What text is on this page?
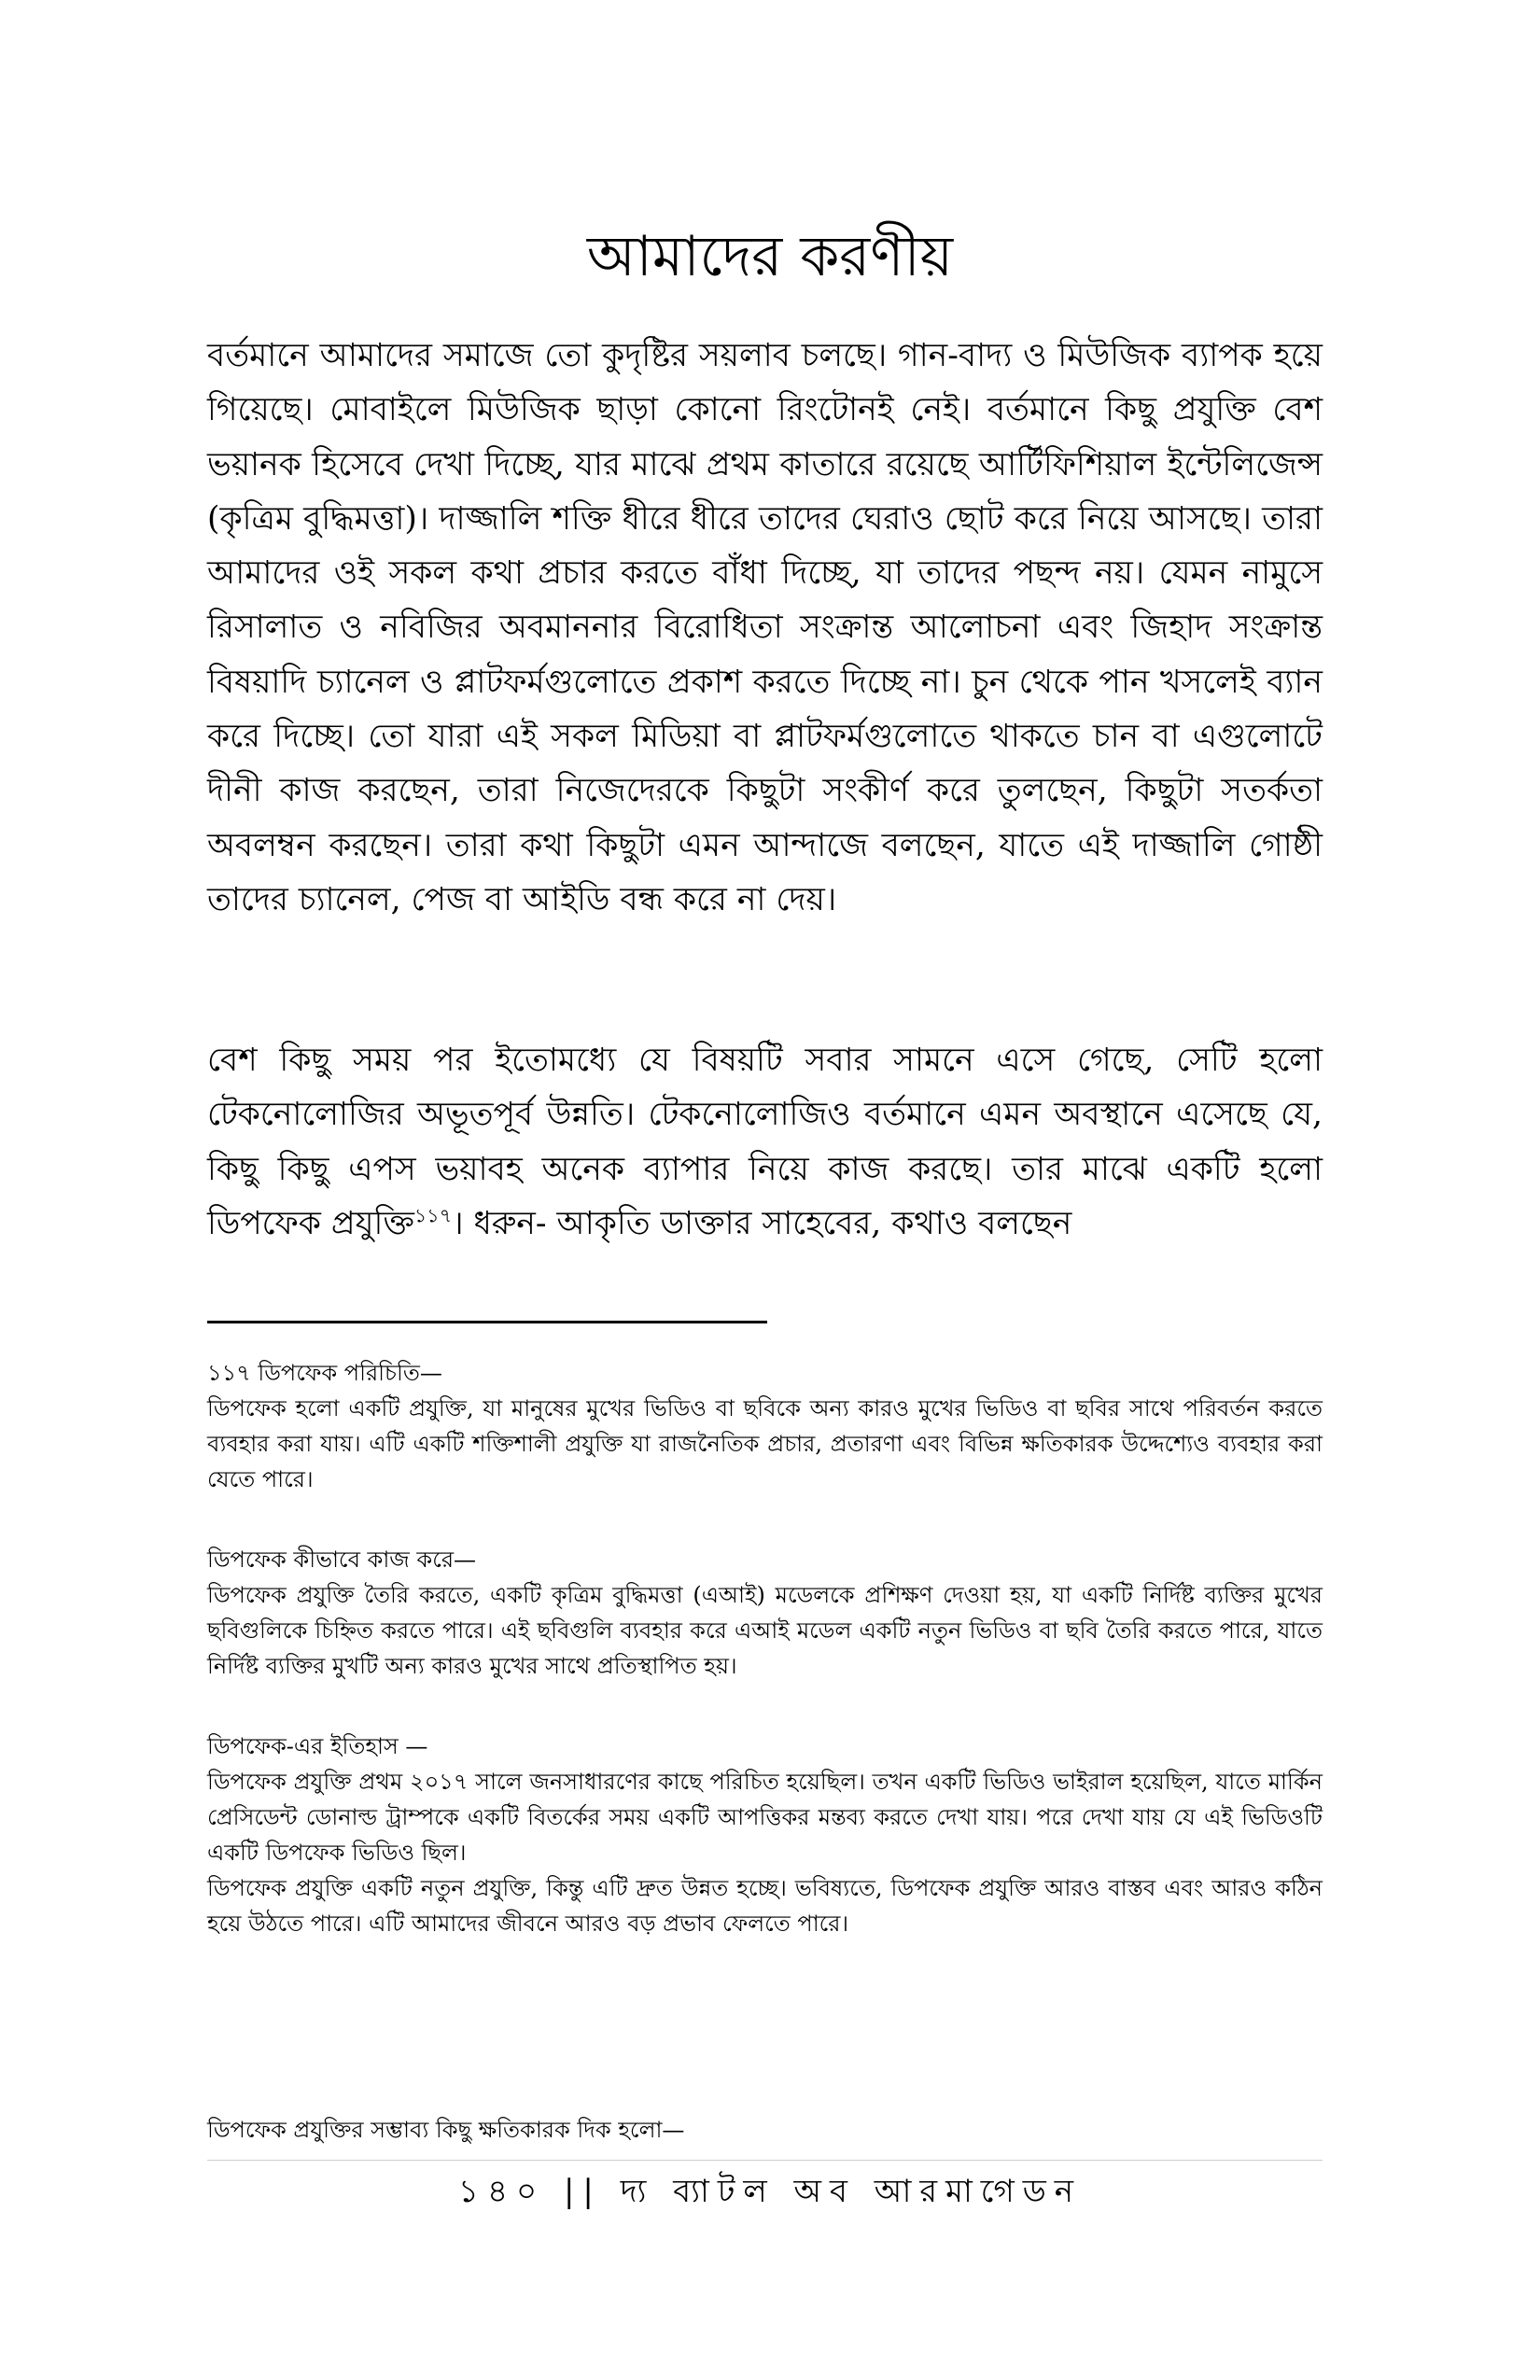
আমাদের করণীয়

বর্তমানে আমাদের সমাজে তো কুদৃষ্টির সয়লাব চলছে। গান-বাদ্য ও মিউজিক ব্যাপক হয়ে গিয়েছে। মোবাইলে মিউজিক ছাড়া কোনো রিংটোনই নেই। বর্তমানে কিছু প্রযুক্তি বেশ ভয়ানক হিসেবে দেখা দিচ্ছে, যার মাঝে প্রথম কাতারে রয়েছে আর্টিফিশিয়াল ইন্টেলিজেন্স (কৃত্রিম বুদ্ধিমত্তা)। দাজ্জালি শক্তি ধীরে ধীরে তাদের ঘেরাও ছোট করে নিয়ে আসছে। তারা আমাদের ওই সকল কথা প্রচার করতে বাঁধা দিচ্ছে, যা তাদের পছন্দ নয়। যেমন নামুসে রিসালাত ও নবিজির অবমাননার বিরোধিতা সংক্রান্ত আলোচনা এবং জিহাদ সংক্রান্ত বিষয়াদি চ্যানেল ও প্লাটফর্মগুলোতে প্রকাশ করতে দিচ্ছে না। চুন থেকে পান খসলেই ব্যান করে দিচ্ছে। তো যারা এই সকল মিডিয়া বা প্লাটফর্মগুলোতে থাকতে চান বা এগুলোটে দীনী কাজ করছেন, তারা নিজেদেরকে কিছুটা সংকীর্ণ করে তুলছেন, কিছুটা সতর্কতা অবলম্বন করছেন। তারা কথা কিছুটা এমন আন্দাজে বলছেন, যাতে এই দাজ্জালি গোষ্ঠী তাদের চ্যানেল, পেজ বা আইডি বন্ধ করে না দেয়।

বেশ কিছু সময় পর ইতোমধ্যে যে বিষয়টি সবার সামনে এসে গেছে, সেটি হলো টেকনোলোজির অভূতপূর্ব উন্নতি। টেকনোলোজিও বর্তমানে এমন অবস্থানে এসেছে যে, কিছু কিছু এপস ভয়াবহ অনেক ব্যাপার নিয়ে কাজ করছে। তার মাঝে একটি হলো ডিপফেক প্রযুক্তি$^{১১৭}$। ধরুন- আকৃতি ডাক্তার সাহেবের, কথাও বলছেন

১১৭ ডিপফেক পরিচিতি—

ডিপফেক হলো একটি প্রযুক্তি, যা মানুষের মুখের ভিডিও বা ছবিকে অন্য কারও মুখের ভিডিও বা ছবির সাথে পরিবর্তন করতে ব্যবহার করা যায়। এটি একটি শক্তিশালী প্রযুক্তি যা রাজনৈতিক প্রচার, প্রতারণা এবং বিভিন্ন ক্ষতিকারক উদ্দেশ্যেও ব্যবহার করা যেতে পারে।

ডিপফেক কীভাবে কাজ করে—

ডিপফেক প্রযুক্তি তৈরি করতে, একটি কৃত্রিম বুদ্ধিমত্তা (এআই) মডেলকে প্রশিক্ষণ দেওয়া হয়, যা একটি নির্দিষ্ট ব্যক্তির মুখের ছবিগুলিকে চিহ্নিত করতে পারে। এই ছবিগুলি ব্যবহার করে এআই মডেল একটি নতুন ভিডিও বা ছবি তৈরি করতে পারে, যাতে নির্দিষ্ট ব্যক্তির মুখটি অন্য কারও মুখের সাথে প্রতিস্থাপিত হয়।

ডিপফেক-এর ইতিহাস —

ডিপফেক প্রযুক্তি প্রথম ২০১৭ সালে জনসাধারণের কাছে পরিচিত হয়েছিল। তখন একটি ভিডিও ভাইরাল হয়েছিল, যাতে মার্কিন প্রেসিডেন্ট ডোনাল্ড ট্রাম্পকে একটি বিতর্কের সময় একটি আপত্তিকর মন্তব্য করতে দেখা যায়। পরে দেখা যায় যে এই ভিডিওটি একটি ডিপফেক ভিডিও ছিল।

ডিপফেক প্রযুক্তি একটি নতুন প্রযুক্তি, কিন্তু এটি দ্রুত উন্নত হচ্ছে। ভবিষ্যতে, ডিপফেক প্রযুক্তি আরও বাস্তব এবং আরও কঠিন হয়ে উঠতে পারে। এটি আমাদের জীবনে আরও বড় প্রভাব ফেলতে পারে।

ডিপফেক প্রযুক্তির সম্ভাব্য কিছু ক্ষতিকারক দিক হলো—

১৪০ || দ্য ব্যাটল অব আরমাগেডন
